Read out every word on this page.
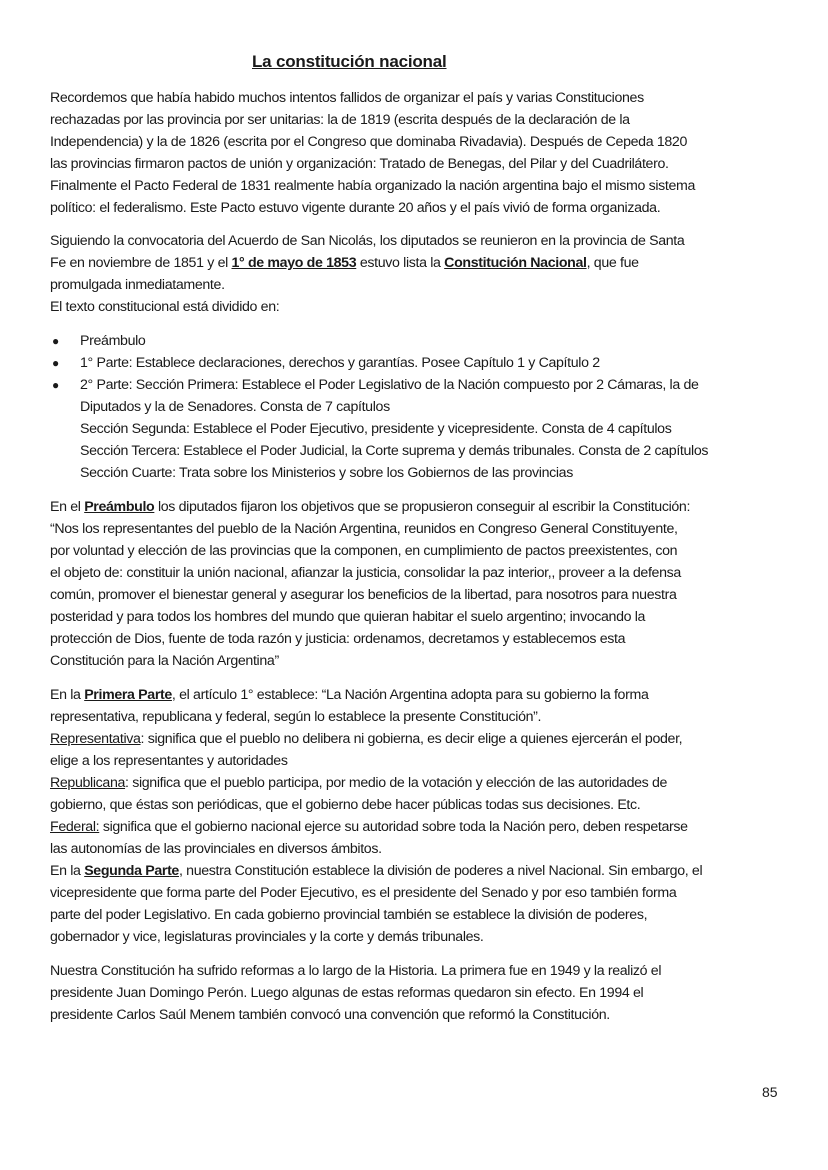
La constitución nacional
Recordemos que había habido muchos intentos fallidos de organizar el país y varias Constituciones
rechazadas por las provincia por ser unitarias: la de 1819 (escrita después de la declaración de la
Independencia) y la de 1826 (escrita por el Congreso que dominaba Rivadavia). Después de Cepeda 1820
las provincias firmaron pactos de unión y organización: Tratado de Benegas, del Pilar y del Cuadrilátero.
Finalmente el Pacto Federal de 1831 realmente había organizado la nación argentina bajo el mismo sistema
político: el federalismo. Este Pacto estuvo vigente durante 20 años y el país vivió de forma organizada.
Siguiendo la convocatoria del Acuerdo de San Nicolás, los diputados se reunieron en la provincia de Santa
Fe en noviembre de 1851 y el 1° de mayo de 1853 estuvo lista la Constitución Nacional, que fue
promulgada inmediatamente.
El texto constitucional está dividido en:
● Preámbulo
● 1° Parte: Establece declaraciones, derechos y garantías. Posee Capítulo 1 y Capítulo 2
● 2° Parte: Sección Primera: Establece el Poder Legislativo de la Nación compuesto por 2 Cámaras, la de
Diputados y la de Senadores. Consta de 7 capítulos
Sección Segunda: Establece el Poder Ejecutivo, presidente y vicepresidente. Consta de 4 capítulos
Sección Tercera: Establece el Poder Judicial, la Corte suprema y demás tribunales. Consta de 2 capítulos
Sección Cuarte: Trata sobre los Ministerios y sobre los Gobiernos de las provincias
En el Preámbulo los diputados fijaron los objetivos que se propusieron conseguir al escribir la Constitución:
“Nos los representantes del pueblo de la Nación Argentina, reunidos en Congreso General Constituyente,
por voluntad y elección de las provincias que la componen, en cumplimiento de pactos preexistentes, con
el objeto de: constituir la unión nacional, afianzar la justicia, consolidar la paz interior,, proveer a la defensa
común, promover el bienestar general y asegurar los beneficios de la libertad, para nosotros para nuestra
posteridad y para todos los hombres del mundo que quieran habitar el suelo argentino; invocando la
protección de Dios, fuente de toda razón y justicia: ordenamos, decretamos y establecemos esta
Constitución para la Nación Argentina”
En la Primera Parte, el artículo 1° establece: “La Nación Argentina adopta para su gobierno la forma
representativa, republicana y federal, según lo establece la presente Constitución”.
Representativa: significa que el pueblo no delibera ni gobierna, es decir elige a quienes ejercerán el poder,
elige a los representantes y autoridades
Republicana: significa que el pueblo participa, por medio de la votación y elección de las autoridades de
gobierno, que éstas son periódicas, que el gobierno debe hacer públicas todas sus decisiones. Etc.
Federal: significa que el gobierno nacional ejerce su autoridad sobre toda la Nación pero, deben respetarse
las autonomías de las provinciales en diversos ámbitos.
En la Segunda Parte, nuestra Constitución establece la división de poderes a nivel Nacional. Sin embargo, el
vicepresidente que forma parte del Poder Ejecutivo, es el presidente del Senado y por eso también forma
parte del poder Legislativo. En cada gobierno provincial también se establece la división de poderes,
gobernador y vice, legislaturas provinciales y la corte y demás tribunales.
Nuestra Constitución ha sufrido reformas a lo largo de la Historia. La primera fue en 1949 y la realizó el
presidente Juan Domingo Perón. Luego algunas de estas reformas quedaron sin efecto. En 1994 el
presidente Carlos Saúl Menem también convocó una convención que reformó la Constitución.
85
